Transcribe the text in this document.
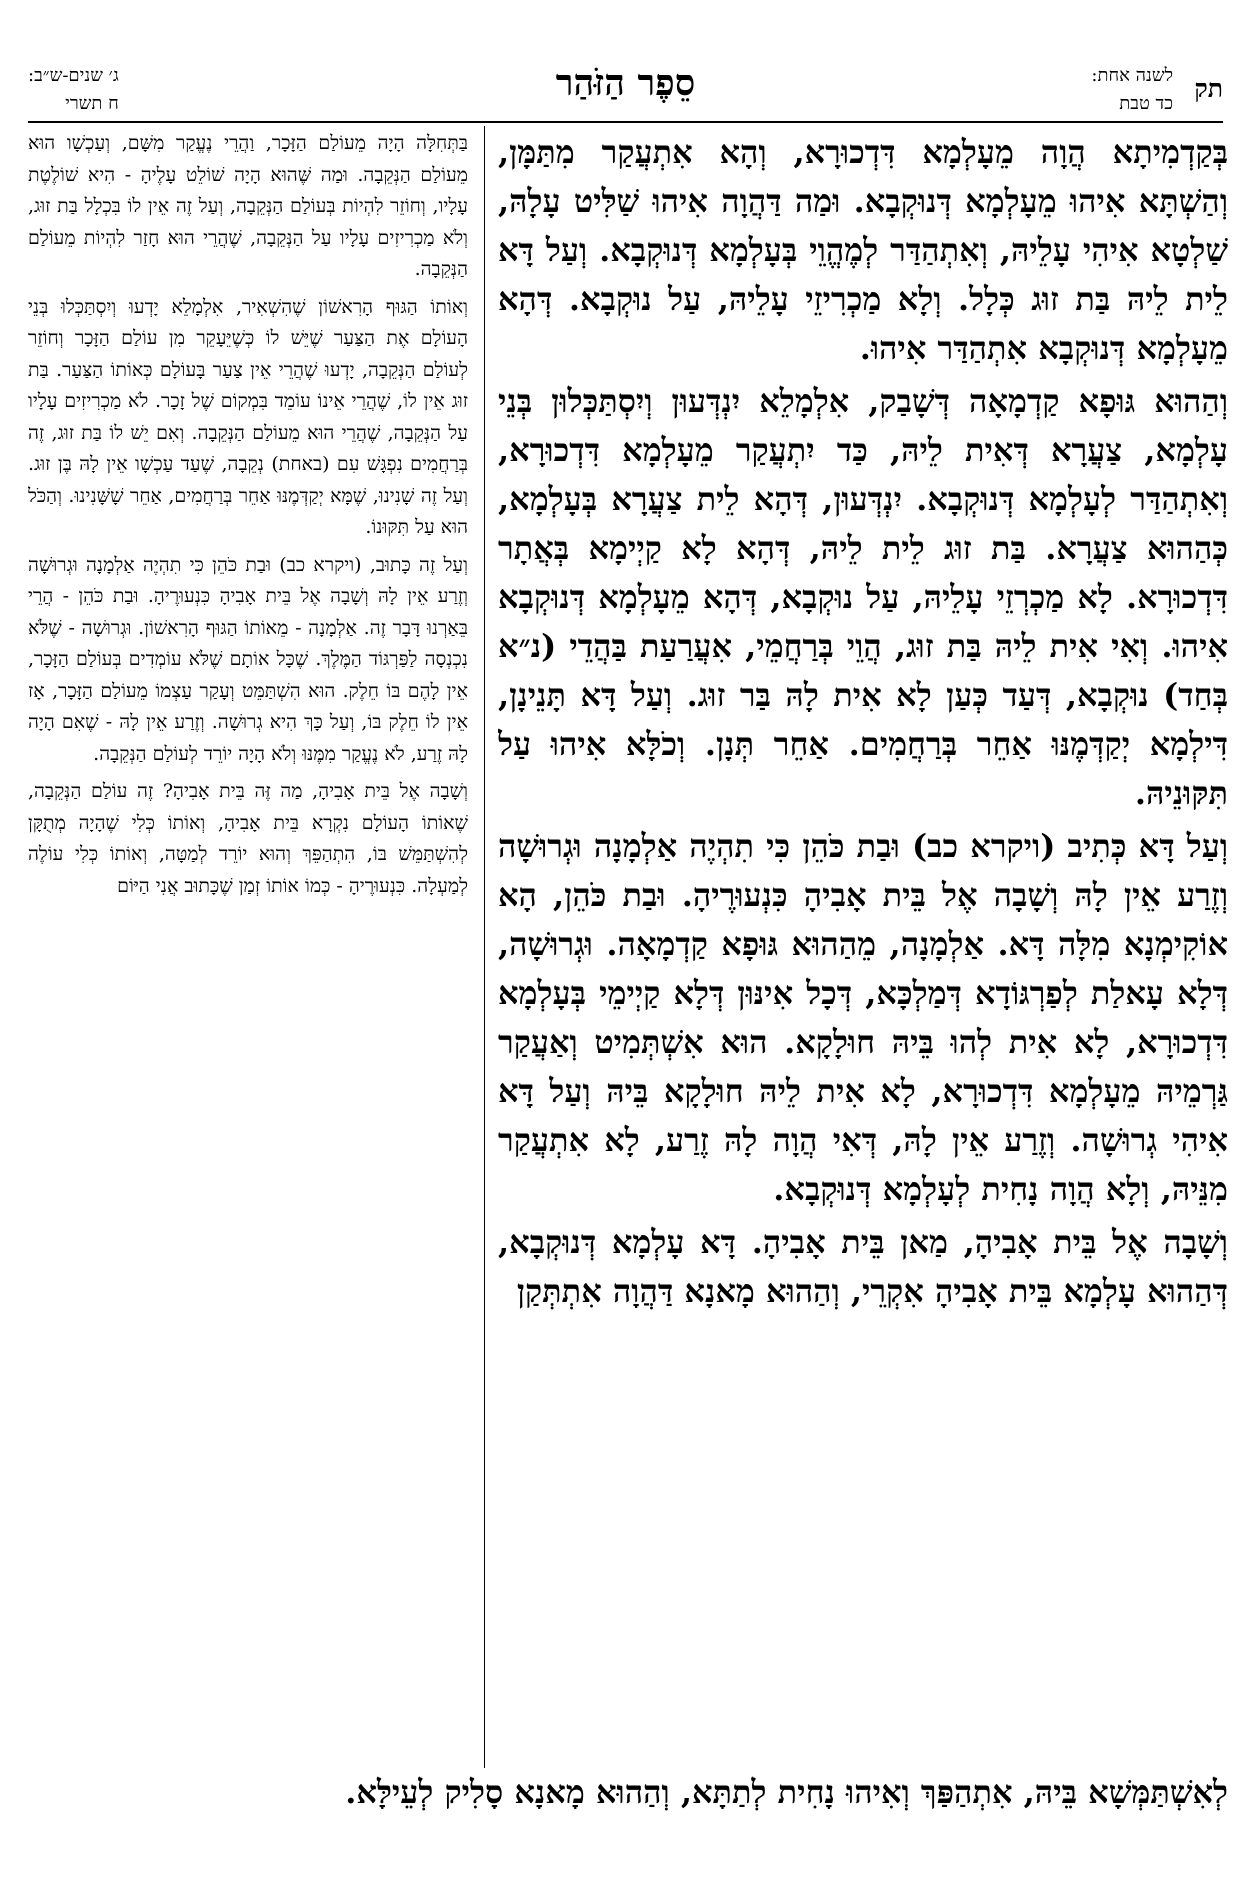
תק
לשנה אחת:
כד טבת
סֵפֶר הַזֹּהַר
ג׳ שנים-ש״ב:
ח תשרי

בְּקַדְמִיתָא הֲוָה מֵעָלְמָא דִּדְכוּרָא, וְהָא אִתְעֲקַר מִתַּמָּן, וְהַשְׁתָּא אִיהוּ מֵעָלְמָא דְּנוּקְבָא. וּמַה דַּהֲוָה אִיהוּ שַׁלִּיט עָלָהּ, שַׁלְטָא אִיהִי עָלֵיהּ, וְאִתְהַדַּר לְמֶהֱוֵי בְּעָלְמָא דְּנוּקְבָא. וְעַל דָּא לֵית לֵיהּ בַּת זוּג כְּלָל. וְלָא מַכְרִיזֵי עָלֵיהּ, עַל נוּקְבָא. דְּהָא מֵעָלְמָא דְּנוּקְבָא אִתְהַדַּר אִיהוּ.

וְהַהוּא גּוּפָא קַדְמָאָה דְּשָׁבַק, אִלְמָלֵא יִנְדְּעוּן וְיִסְתַּכְּלוּן בְּנֵי עָלְמָא, צַעֲרָא דְּאִית לֵיהּ, כַּד יִתְעֲקַר מֵעָלְמָא דִּדְכוּרָא, וְאִתְהַדַּר לְעָלְמָא דְּנוּקְבָא. יִנְדְּעוּן, דְּהָא לֵית צַעֲרָא בְּעָלְמָא, כְּהַהוּא צַעֲרָא. בַּת זוּג לֵית לֵיהּ, דְּהָא לָא קַיְימָא בְּאֲתָר דִּדְכוּרָא. לָא מַכְרְזֵי עָלֵיהּ, עַל נוּקְבָא, דְּהָא מֵעָלְמָא דְּנוּקְבָא אִיהוּ. וְאִי אִית לֵיהּ בַּת זוּג, הֲוֵי בְּרַחֲמֵי, אִעֲרַעַת בַּהֲדֵי (נ״א בְּחַד) נוּקְבָא, דְּעַד כְּעַן לָא אִית לָהּ בַּר זוּג. וְעַל דָּא תָּנֵינָן, דִּילְמָא יְקַדְּמֶנּוּ אַחֵר בְּרַחֲמִים. אַחֵר תְּנָן. וְכֹלָּא אִיהוּ עַל תִּקּוּנֵיהּ.

וְעַל דָּא כְּתִיב (ויקרא כב) וּבַת כֹּהֵן כִּי תִהְיֶה אַלְמָנָה וּגְרוּשָׁה וְזֶרַע אֵין לָהּ וְשָׁבָה אֶל בֵּית אָבִיהָ כִּנְעוּרֶיהָ. וּבַת כֹּהֵן, הָא אוֹקִימְנָא מִלָּה דָּא. אַלְמָנָה, מֵהַהוּא גּוּפָא קַדְמָאָה. וּגְרוּשָׁה, דְּלָא עָאלַת לְפַרְגּוֹדָא דְּמַלְכָּא, דְּכָל אִינּוּן דְּלָא קַיְימֵי בְּעָלְמָא דִּדְכוּרָא, לָא אִית לְהוּ בֵּיהּ חוּלָקָא. הוּא אִשְׁתְּמִיט וְאַעֲקַר גַּרְמֵיהּ מֵעָלְמָא דִּדְכוּרָא, לָא אִית לֵיהּ חוּלָקָא בֵּיהּ וְעַל דָּא אִיהִי גְרוּשָׁה. וְזֶרַע אֵין לָהּ, דְּאִי הֲוָה לָהּ זֶרַע, לָא אִתְעֲקַר מִנֵּיהּ, וְלָא הֲוָה נָחִית לְעָלְמָא דְּנוּקְבָא.

וְשָׁבָה אֶל בֵּית אָבִיהָ, מַאן בֵּית אָבִיהָ. דָּא עָלְמָא דְּנוּקְבָא, דְּהַהוּא עָלְמָא בֵּית אָבִיהָ אִקְרֵי, וְהַהוּא מָאנָא דַּהֲוָה אִתְתְּקַן

בַּתְּחִלָּה הָיָה מֵעוֹלַם הַזָּכָר, וַהֲרֵי נֶעֱקַר מִשָּׁם, וְעַכְשָׁו הוּא מֵעוֹלַם הַנְּקֵבָה. וּמַה שֶּׁהוּא הָיָה שׁוֹלֵט עָלֶיהָ - הִיא שׁוֹלֶטֶת עָלָיו, וְחוֹזֵר לִהְיוֹת בְּעוֹלַם הַנְּקֵבָה, וְעַל זֶה אֵין לוֹ בִּכְלָל בַּת זוּג, וְלֹא מַכְרִיזִים עָלָיו עַל הַנְּקֵבָה, שֶׁהֲרֵי הוּא חָזַר לִהְיוֹת מֵעוֹלַם הַנְּקֵבָה.

וְאוֹתוֹ הַגּוּף הָרִאשׁוֹן שֶׁהִשְׁאִיר, אִלְמָלֵא יָדְעוּ וְיִסְתַּכְּלוּ בְּנֵי הָעוֹלָם אֶת הַצַּעַר שֶׁיֵּשׁ לוֹ כְּשֶׁיֵּעָקֵר מִן עוֹלַם הַזָּכָר וְחוֹזֵר לְעוֹלַם הַנְּקֵבָה, יָדְעוּ שֶׁהֲרֵי אֵין צַעַר בָּעוֹלָם כְּאוֹתוֹ הַצַּעַר. בַּת זוּג אֵין לוֹ, שֶׁהֲרֵי אֵינוֹ עוֹמֵד בִּמְקוֹם שֶׁל זָכָר. לֹא מַכְרִיזִים עָלָיו עַל הַנְּקֵבָה, שֶׁהֲרֵי הוּא מֵעוֹלַם הַנְּקֵבָה. וְאִם יֵשׁ לוֹ בַּת זוּג, זֶה בְּרַחֲמִים נִפְגָּשׁ עִם (באחת) נְקֵבָה, שֶׁעַד עַכְשָׁו אֵין לָהּ בֶּן זוּג. וְעַל זֶה שָׁנִינוּ, שֶׁמָּא יְקַדְּמֶנּוּ אַחֵר בְּרַחֲמִים, אַחֵר שָׁשָּׁנִינוּ. וְהַכֹּל הוּא עַל תִּקּוּנוֹ.

וְעַל זֶה כָּתוּב, (ויקרא כב) וּבַת כֹּהֵן כִּי תִהְיֶה אַלְמָנָה וּגְרוּשָׁה וְזֶרַע אֵין לָהּ וְשָׁבָה אֶל בֵּית אָבִיהָ כִּנְעוּרֶיהָ. וּבַת כֹּהֵן - הֲרֵי בֵּאַרְנוּ דָּבָר זֶה. אַלְמָנָה - מֵאוֹתוֹ הַגּוּף הָרִאשׁוֹן. וּגְרוּשָׁה - שֶׁלֹּא נִכְנְסָה לַפַּרְגּוֹד הַמֶּלֶךְ. שֶׁכָּל אוֹתָם שֶׁלֹּא עוֹמְדִים בְּעוֹלַם הַזָּכָר, אֵין לָהֶם בּוֹ חֵלֶק. הוּא הִשְׁתַּמֵּט וְעָקַר עַצְמוֹ מֵעוֹלַם הַזָּכָר, אָז אֵין לוֹ חֵלֶק בּוֹ, וְעַל כָּךְ הִיא גְרוּשָׁה. וְזֶרַע אֵין לָהּ - שֶׁאִם הָיָה לָהּ זֶרַע, לֹא נֶעֱקַר מִמֶּנּוּ וְלֹא הָיָה יוֹרֵד לְעוֹלַם הַנְּקֵבָה.

וְשָׁבָה אֶל בֵּית אָבִיהָ, מַה זֶּה בֵּית אָבִיהָ? זֶה עוֹלַם הַנְּקֵבָה, שֶׁאוֹתוֹ הָעוֹלָם נִקְרָא בֵּית אָבִיהָ, וְאוֹתוֹ כְּלִי שֶׁהָיָה מְתֻקָּן לְהִשְׁתַּמֵּשׁ בּוֹ, הִתְהַפֵּךְ וְהוּא יוֹרֵד לְמַטָּה, וְאוֹתוֹ כְּלִי עוֹלֶה לְמַעְלָה. כִּנְעוּרֶיהָ - כְּמוֹ אוֹתוֹ זְמַן שֶׁכָּתוּב אֲנִי הַיּוֹם

לְאִשְׁתַּמְּשָׁא בֵּיהּ, אִתְהַפַּךְ וְאִיהוּ נָחִית לְתַתָּא, וְהַהוּא מָאנָא סָלִיק לְעֵילָּא.
